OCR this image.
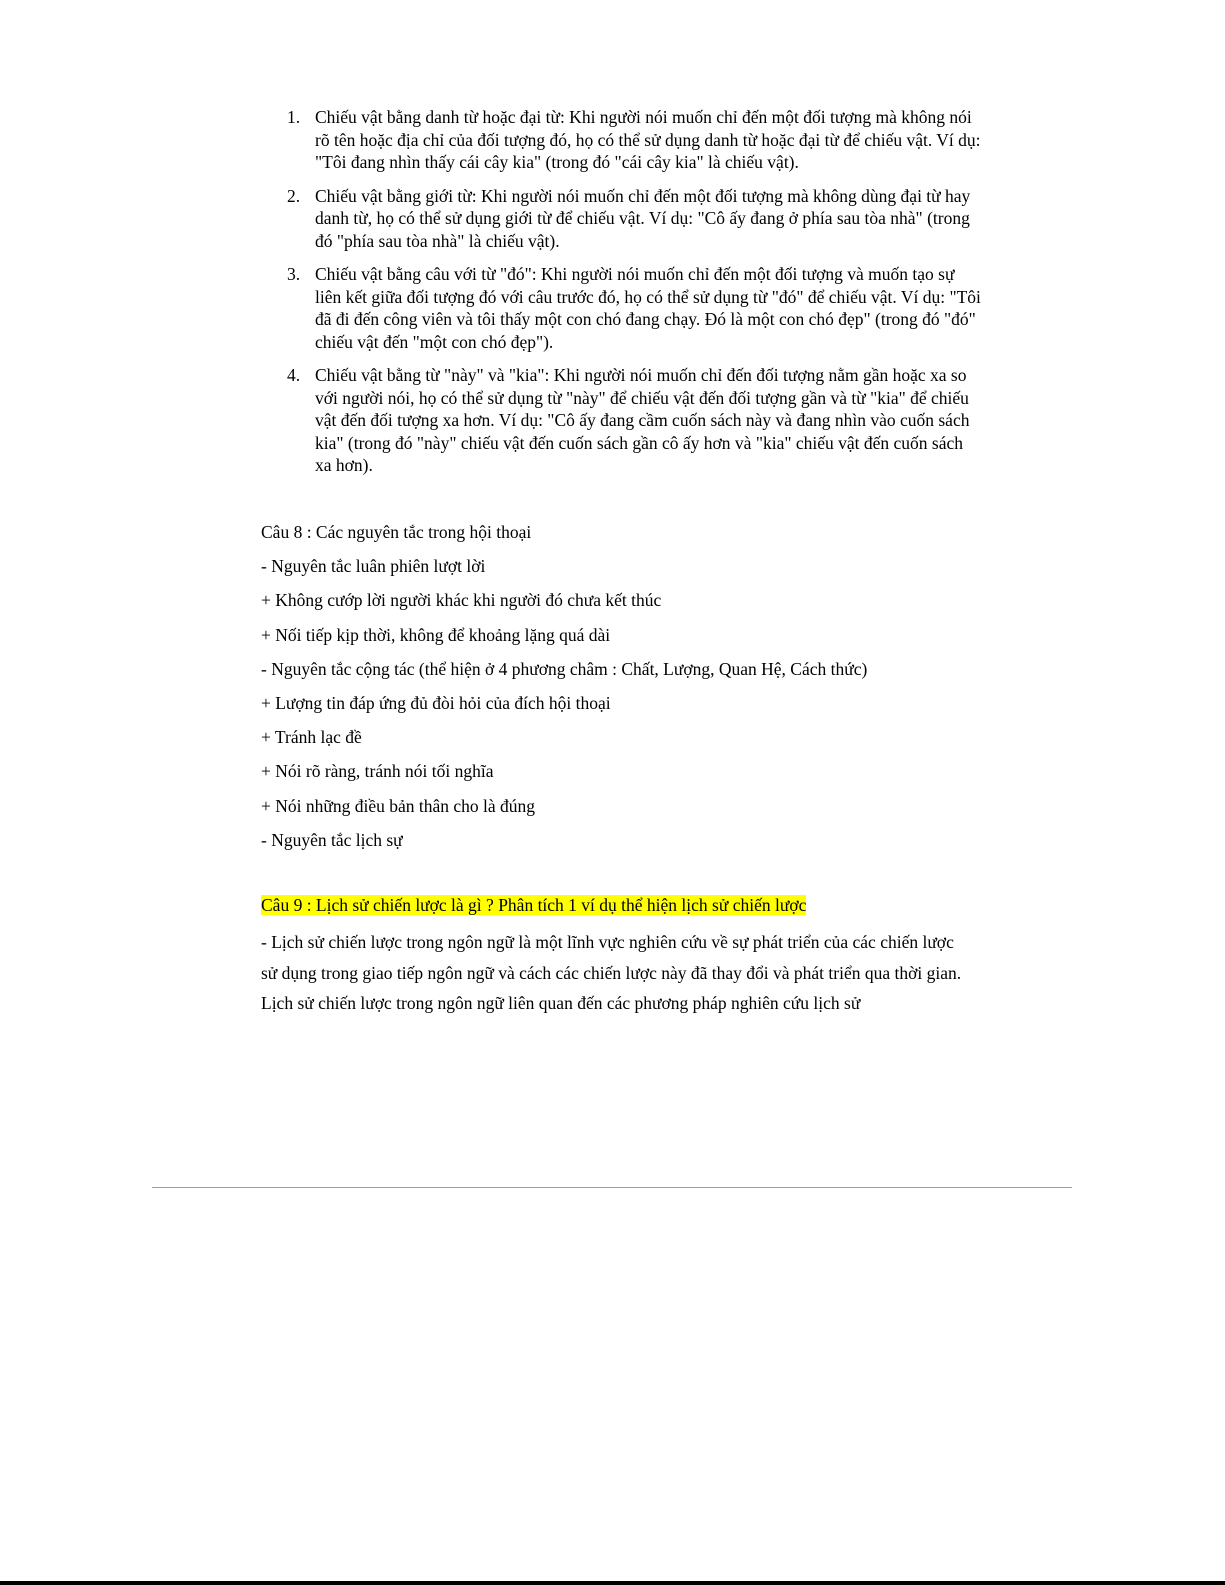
1. Chiếu vật bằng danh từ hoặc đại từ: Khi người nói muốn chỉ đến một đối tượng mà không nói rõ tên hoặc địa chỉ của đối tượng đó, họ có thể sử dụng danh từ hoặc đại từ để chiếu vật. Ví dụ: "Tôi đang nhìn thấy cái cây kia" (trong đó "cái cây kia" là chiếu vật).
2. Chiếu vật bằng giới từ: Khi người nói muốn chỉ đến một đối tượng mà không dùng đại từ hay danh từ, họ có thể sử dụng giới từ để chiếu vật. Ví dụ: "Cô ấy đang ở phía sau tòa nhà" (trong đó "phía sau tòa nhà" là chiếu vật).
3. Chiếu vật bằng câu với từ "đó": Khi người nói muốn chỉ đến một đối tượng và muốn tạo sự liên kết giữa đối tượng đó với câu trước đó, họ có thể sử dụng từ "đó" để chiếu vật. Ví dụ: "Tôi đã đi đến công viên và tôi thấy một con chó đang chạy. Đó là một con chó đẹp" (trong đó "đó" chiếu vật đến "một con chó đẹp").
4. Chiếu vật bằng từ "này" và "kia": Khi người nói muốn chỉ đến đối tượng nằm gần hoặc xa so với người nói, họ có thể sử dụng từ "này" để chiếu vật đến đối tượng gần và từ "kia" để chiếu vật đến đối tượng xa hơn. Ví dụ: "Cô ấy đang cầm cuốn sách này và đang nhìn vào cuốn sách kia" (trong đó "này" chiếu vật đến cuốn sách gần cô ấy hơn và "kia" chiếu vật đến cuốn sách xa hơn).
Câu 8 : Các nguyên tắc trong hội thoại
- Nguyên tắc luân phiên lượt lời
+ Không cướp lời người khác khi người đó chưa kết thúc
+ Nối tiếp kịp thời, không để khoảng lặng quá dài
- Nguyên tắc cộng tác (thể hiện ở 4 phương châm : Chất, Lượng, Quan Hệ, Cách thức)
+ Lượng tin đáp ứng đủ đòi hỏi của đích hội thoại
+ Tránh lạc đề
+ Nói rõ ràng, tránh nói tối nghĩa
+ Nói những điều bản thân cho là đúng
- Nguyên tắc lịch sự
Câu 9 : Lịch sử chiến lược là gì ? Phân tích 1 ví dụ thể hiện lịch sử chiến lược
- Lịch sử chiến lược trong ngôn ngữ là một lĩnh vực nghiên cứu về sự phát triển của các chiến lược sử dụng trong giao tiếp ngôn ngữ và cách các chiến lược này đã thay đổi và phát triển qua thời gian. Lịch sử chiến lược trong ngôn ngữ liên quan đến các phương pháp nghiên cứu lịch sử
